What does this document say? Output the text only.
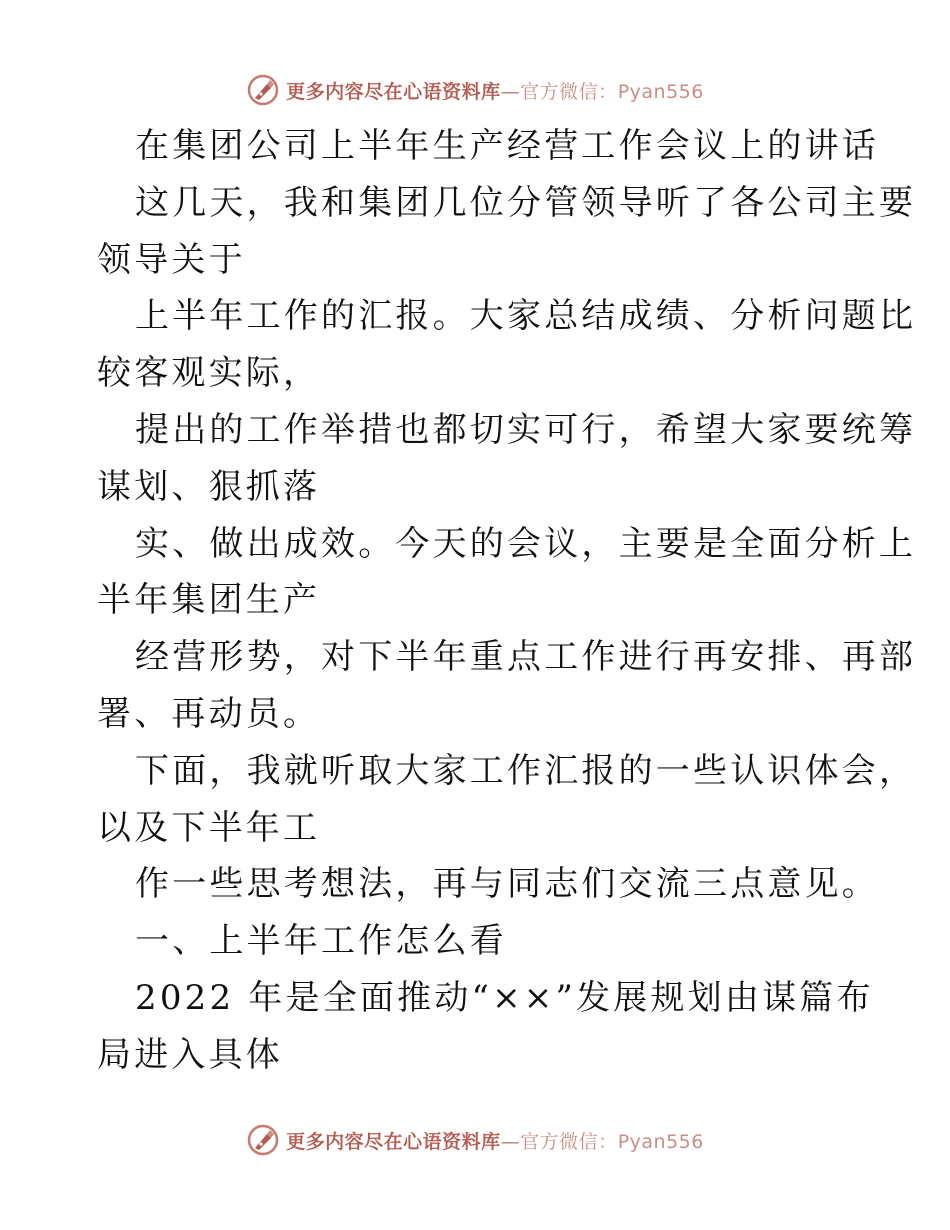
更多内容尽在心语资料库—官方微信：Pyan556
在集团公司上半年生产经营工作会议上的讲话
这几天，我和集团几位分管领导听了各公司主要
领导关于
上半年工作的汇报。大家总结成绩、分析问题比
较客观实际，
提出的工作举措也都切实可行，希望大家要统筹
谋划、狠抓落
实、做出成效。今天的会议，主要是全面分析上
半年集团生产
经营形势，对下半年重点工作进行再安排、再部
署、再动员。
下面，我就听取大家工作汇报的一些认识体会，
以及下半年工
作一些思考想法，再与同志们交流三点意见。
一、上半年工作怎么看
2022 年是全面推动“××”发展规划由谋篇布
局进入具体
更多内容尽在心语资料库—官方微信：Pyan556
